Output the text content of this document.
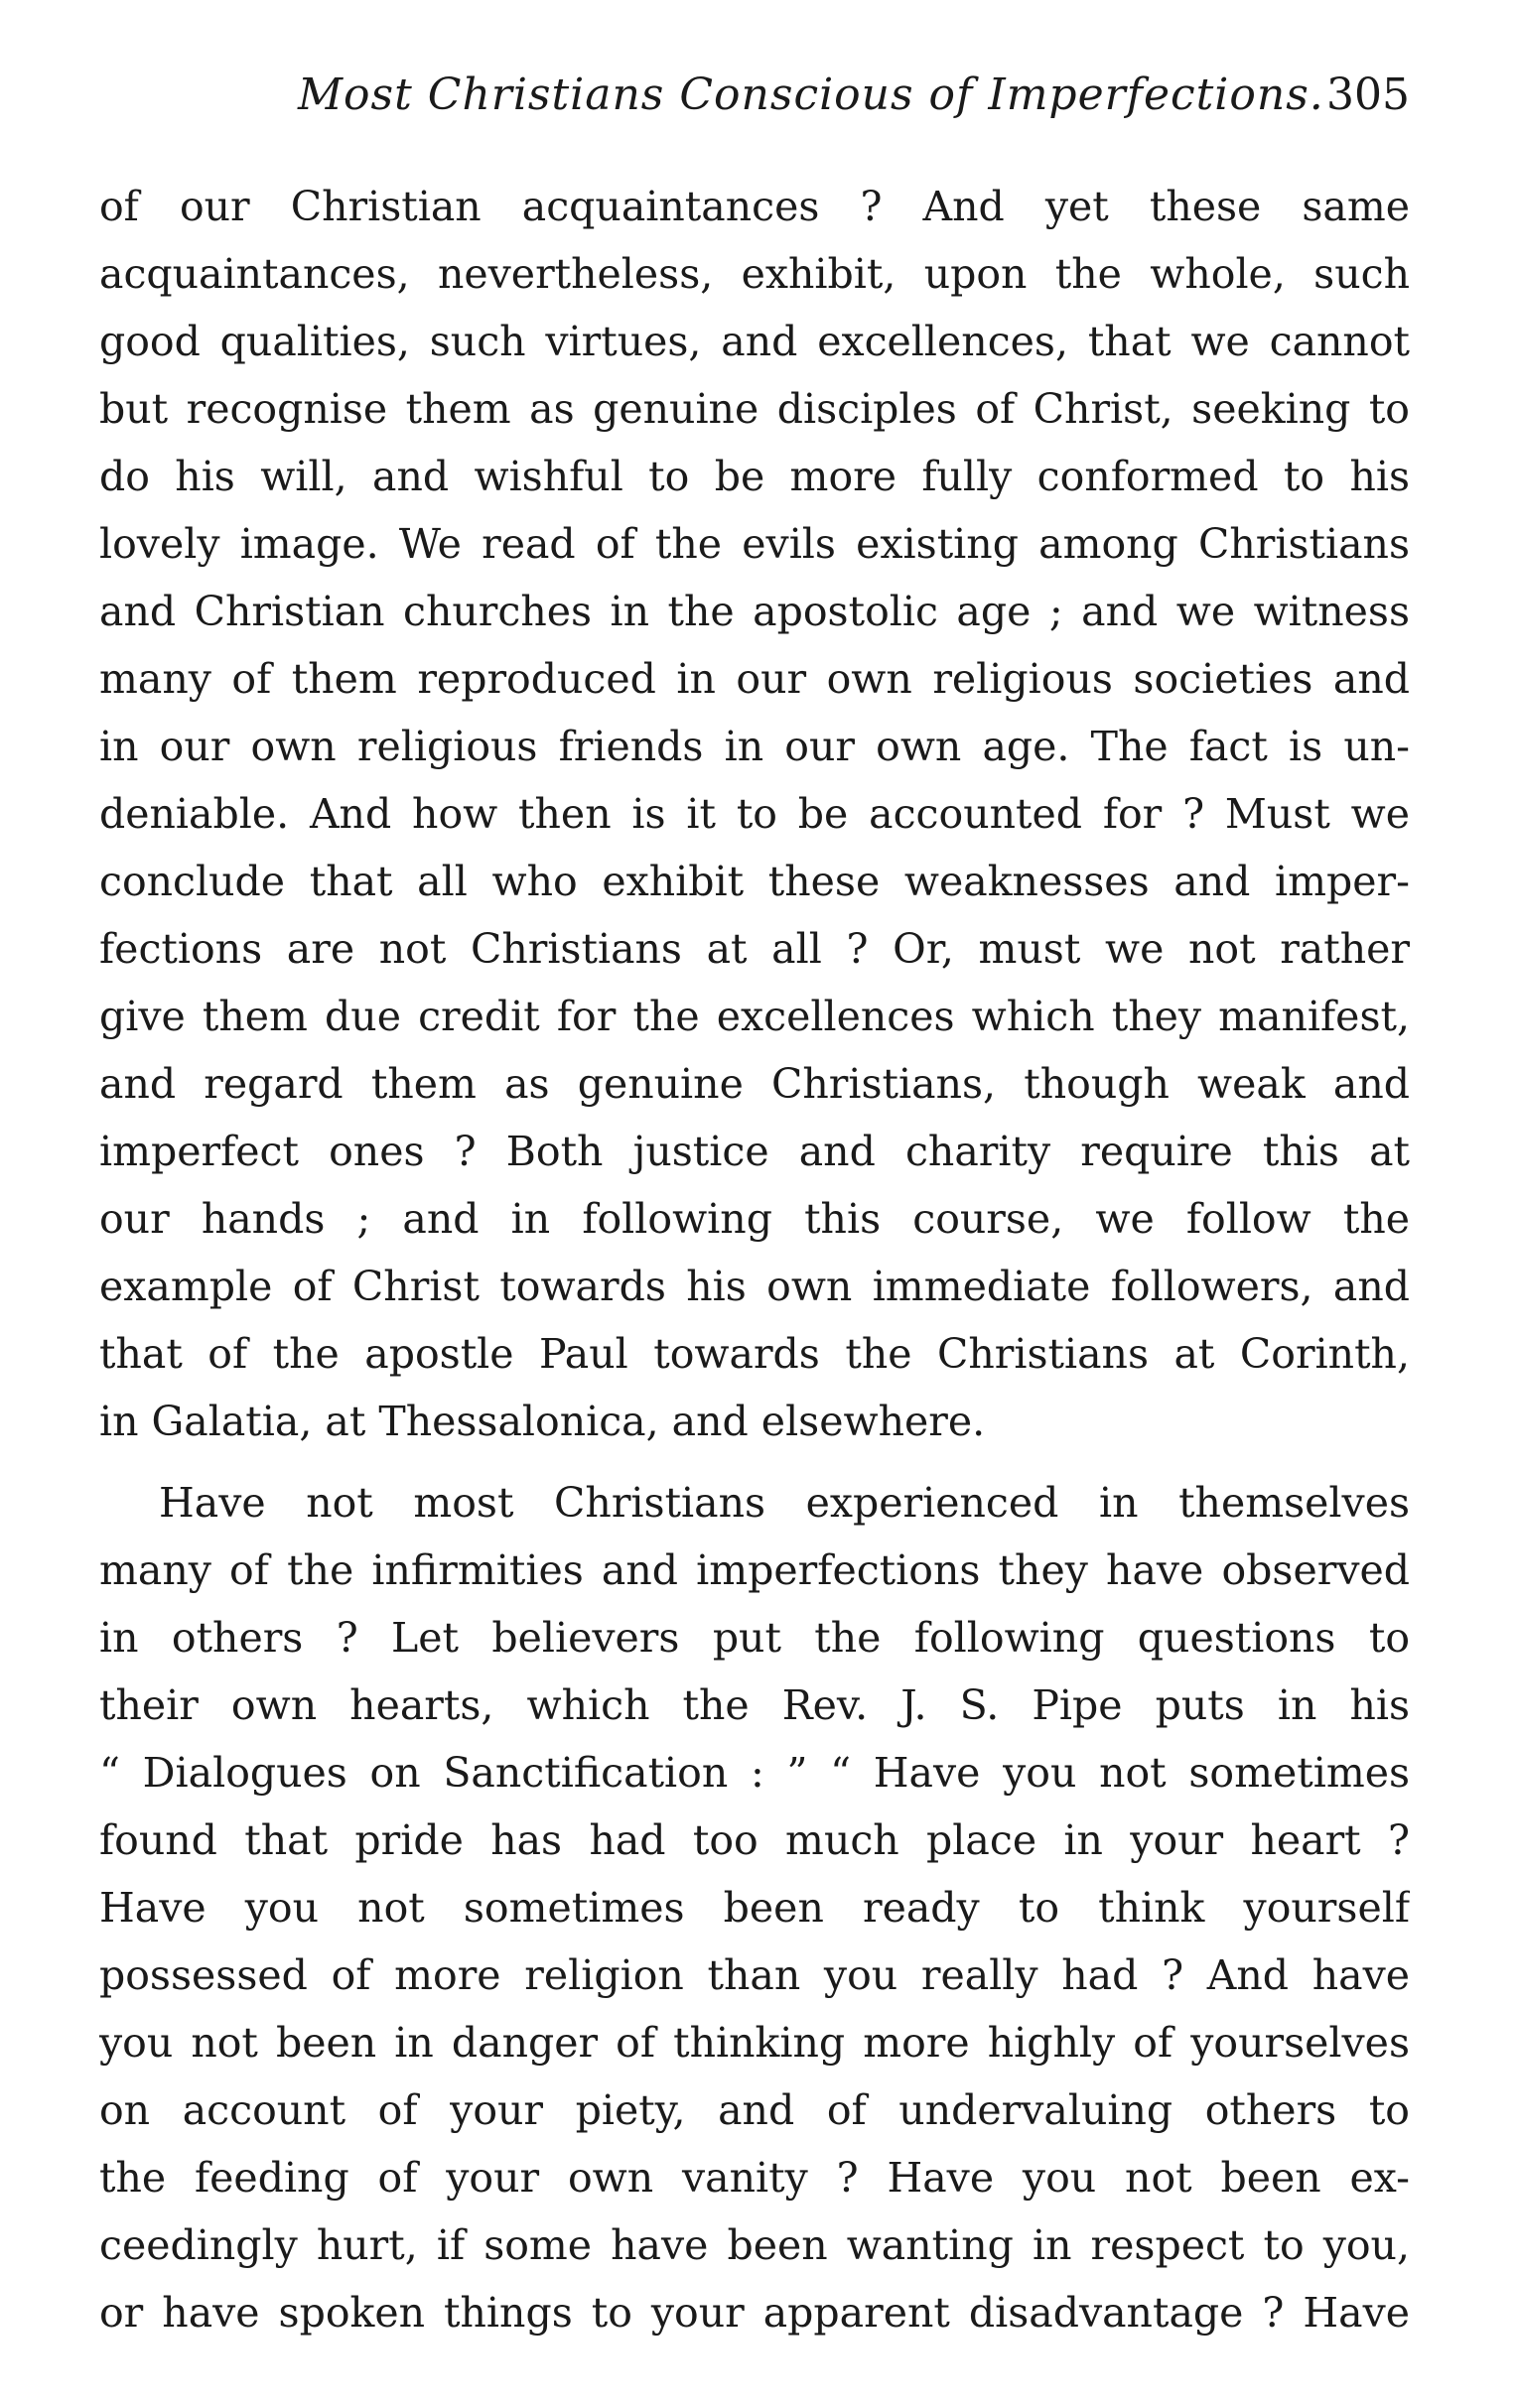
Most Christians Conscious of Imperfections. 305
of our Christian acquaintances ? And yet these same
acquaintances, nevertheless, exhibit, upon the whole, such
good qualities, such virtues, and excellences, that we cannot
but recognise them as genuine disciples of Christ, seeking to
do his will, and wishful to be more fully conformed to his
lovely image. We read of the evils existing among Christians
and Christian churches in the apostolic age ; and we witness
many of them reproduced in our own religious societies and
in our own religious friends in our own age. The fact is un-
deniable. And how then is it to be accounted for ? Must we
conclude that all who exhibit these weaknesses and imper-
fections are not Christians at all ? Or, must we not rather
give them due credit for the excellences which they manifest,
and regard them as genuine Christians, though weak and
imperfect ones ? Both justice and charity require this at
our hands ; and in following this course, we follow the
example of Christ towards his own immediate followers, and
that of the apostle Paul towards the Christians at Corinth,
in Galatia, at Thessalonica, and elsewhere.
Have not most Christians experienced in themselves
many of the infirmities and imperfections they have observed
in others ? Let believers put the following questions to
their own hearts, which the Rev. J. S. Pipe puts in his
“ Dialogues on Sanctification : ” “ Have you not sometimes
found that pride has had too much place in your heart ?
Have you not sometimes been ready to think yourself
possessed of more religion than you really had ? And have
you not been in danger of thinking more highly of yourselves
on account of your piety, and of undervaluing others to
the feeding of your own vanity ? Have you not been ex-
ceedingly hurt, if some have been wanting in respect to you,
or have spoken things to your apparent disadvantage ? Have
